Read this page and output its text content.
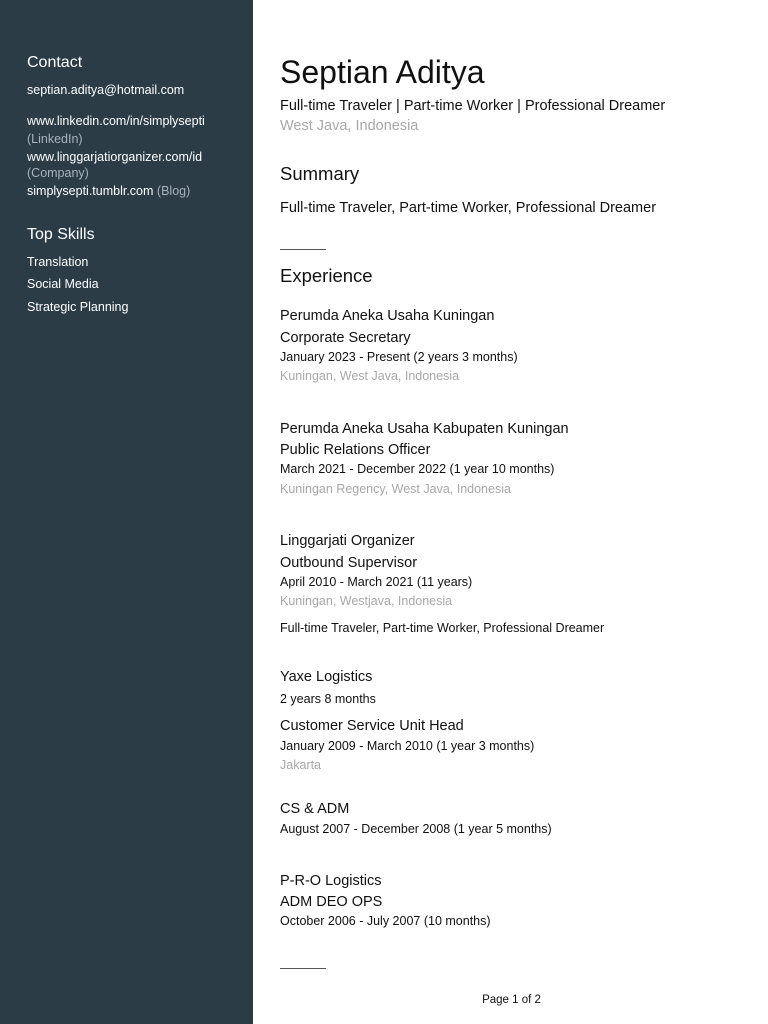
Contact
septian.aditya@hotmail.com
www.linkedin.com/in/simplysepti
(LinkedIn)
www.linggarjatiorganizer.com/id
(Company)
simplysepti.tumblr.com (Blog)
Top Skills
Translation
Social Media
Strategic Planning
Septian Aditya
Full-time Traveler | Part-time Worker | Professional Dreamer
West Java, Indonesia
Summary
Full-time Traveler, Part-time Worker, Professional Dreamer
Experience
Perumda Aneka Usaha Kuningan
Corporate Secretary
January 2023 - Present (2 years 3 months)
Kuningan, West Java, Indonesia
Perumda Aneka Usaha Kabupaten Kuningan
Public Relations Officer
March 2021 - December 2022 (1 year 10 months)
Kuningan Regency, West Java, Indonesia
Linggarjati Organizer
Outbound Supervisor
April 2010 - March 2021 (11 years)
Kuningan, Westjava, Indonesia
Full-time Traveler, Part-time Worker, Professional Dreamer
Yaxe Logistics
2 years 8 months
Customer Service Unit Head
January 2009 - March 2010 (1 year 3 months)
Jakarta
CS & ADM
August 2007 - December 2008 (1 year 5 months)
P-R-O Logistics
ADM DEO OPS
October 2006 - July 2007 (10 months)
Page 1 of 2
